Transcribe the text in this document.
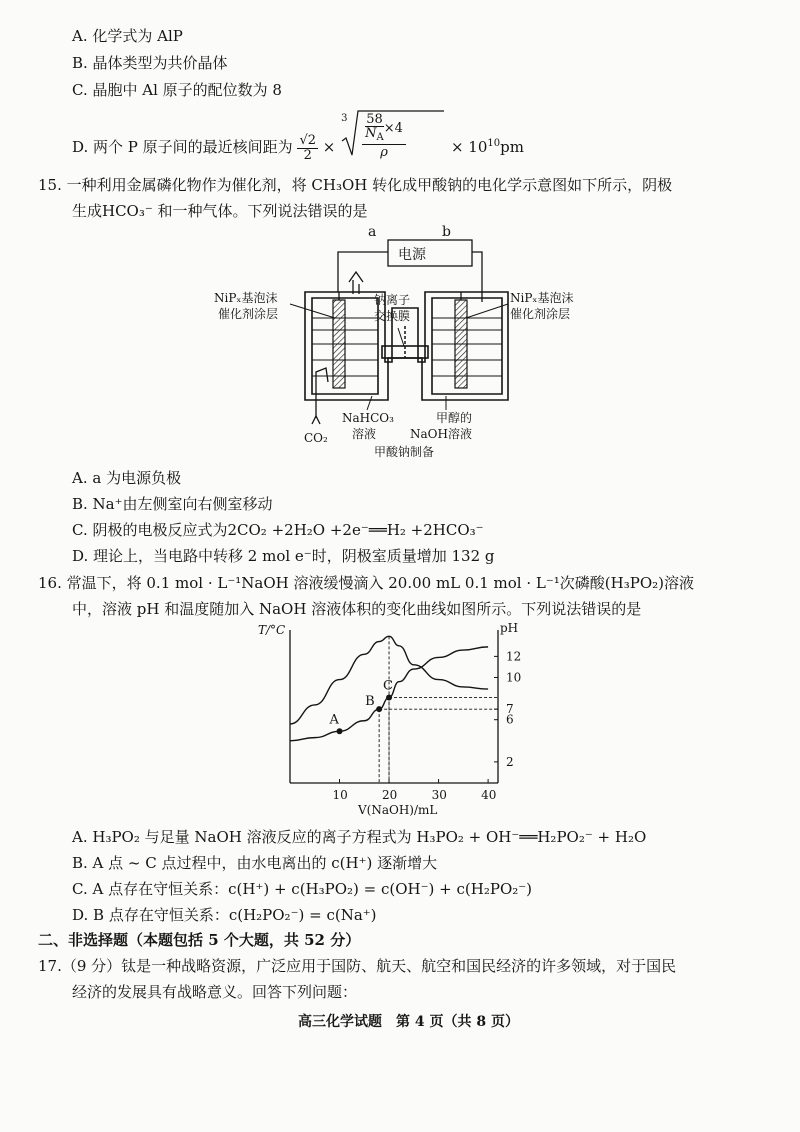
A. 化学式为 AlP
B. 晶体类型为共价晶体
C. 晶胞中 Al 原子的配位数为 8
D. 两个 P 原子间的最近核间距为 $\frac{√2}{2}$ ×
$3 \frac{\frac{58}{N_A} \times 4}{\rho}$	× $10^{10}pm$
15. 一种利用金属磷化物作为催化剂，将 CH₃OH 转化成甲酸钠的电化学示意图如下所示，阴极
生成HCO₃⁻ 和一种气体。下列说法错误的是
电源
a	b
NiPₓ基泡沫
催化剂涂层
NiPₓ基泡沫
催化剂涂层
钠离子
交换膜
CO₂
NaHCO₃
溶液
甲醇的
NaOH溶液
甲酸钠制备
A. a 为电源负极
B. Na⁺由左侧室向右侧室移动
C. 阴极的电极反应式为2CO₂ +2H₂O +2e⁻══H₂ +2HCO₃⁻
D. 理论上，当电路中转移 2 mol e⁻时，阴极室质量增加 132 g
16. 常温下，将 0.1 mol · L⁻¹NaOH 溶液缓慢滴入 20.00 mL 0.1 mol · L⁻¹次磷酸(H₃PO₂)溶液
中，溶液 pH 和温度随加入 NaOH 溶液体积的变化曲线如图所示。下列说法错误的是
T/°C	pH
V(NaOH)/mL
10	20	30	40
2
6
7
10
12
A
B
C
A. H₃PO₂ 与足量 NaOH 溶液反应的离子方程式为 H₃PO₂ + OH⁻══H₂PO₂⁻ + H₂O
B. A 点 ~ C 点过程中，由水电离出的 c(H⁺) 逐渐增大
C. A 点存在守恒关系：c(H⁺) + c(H₃PO₂) = c(OH⁻) + c(H₂PO₂⁻)
D. B 点存在守恒关系：c(H₂PO₂⁻) = c(Na⁺)
二、非选择题（本题包括 5 个大题，共 52 分）
17.（9 分）钛是一种战略资源，广泛应用于国防、航天、航空和国民经济的许多领域，对于国民
经济的发展具有战略意义。回答下列问题：
高三化学试题　第 4 页（共 8 页）
